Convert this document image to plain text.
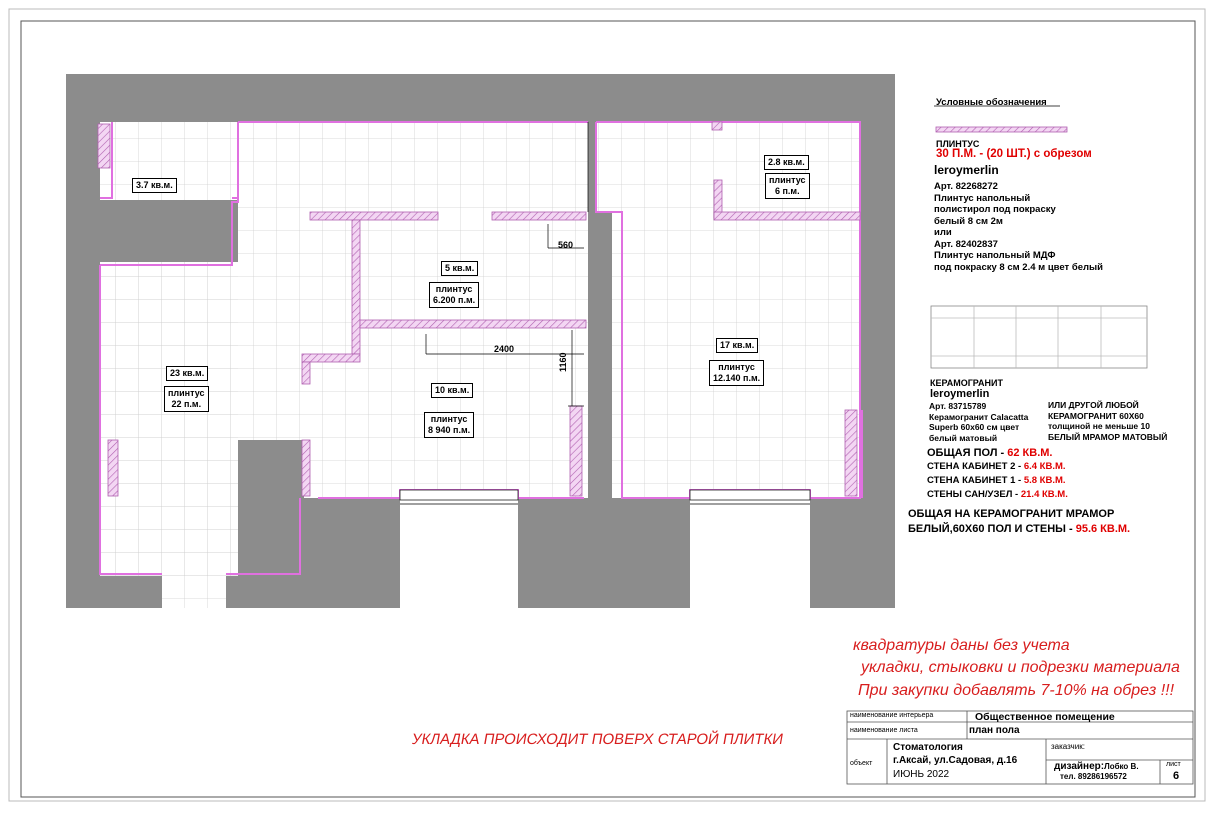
3.7 кв.м.
23 кв.м.
плинтус
22 п.м.
5 кв.м.
плинтус
6.200 п.м.
10 кв.м.
плинтус
8 940 п.м.
2.8 кв.м.
плинтус
6 п.м.
17 кв.м.
плинтус
12.140 п.м.
560
2400
1160
Условные обозначения
ПЛИНТУС
30 П.М. - (20 ШТ.) с обрезом
leroymerlin
Арт. 82268272
Плинтус напольный
полистирол под покраску
белый 8 см 2м
или
Арт. 82402837
Плинтус напольный МДФ
под покраску 8 см 2.4 м цвет белый
КЕРАМОГРАНИТ
leroymerlin
Арт. 83715789
Керамогранит Calacatta
Superb 60x60 см цвет
белый матовый
ИЛИ ДРУГОЙ ЛЮБОЙ
КЕРАМОГРАНИТ 60Х60
толщиной не меньше 10
БЕЛЫЙ МРАМОР МАТОВЫЙ
ОБЩАЯ ПОЛ - 62 КВ.М.
СТЕНА КАБИНЕТ 2 - 6.4 КВ.М.
СТЕНА КАБИНЕТ 1 - 5.8 КВ.М.
СТЕНЫ САН/УЗЕЛ - 21.4 КВ.М.
ОБЩАЯ НА КЕРАМОГРАНИТ МРАМОР
БЕЛЫЙ,60Х60 ПОЛ И СТЕНЫ - 95.6 КВ.М.
квадратуры даны без учета
укладки, стыковки и подрезки материала
При закупки добавлять 7-10% на обрез !!!
УКЛАДКА ПРОИСХОДИТ ПОВЕРХ СТАРОЙ ПЛИТКИ
наименование интерьера	Общественное помещение
наименование листа	план пола
объект
Стоматология
г.Аксай, ул.Садовая, д.16
ИЮНЬ 2022
заказчик:
дизайнер:Лобко В.
тел. 89286196572
лист
6
